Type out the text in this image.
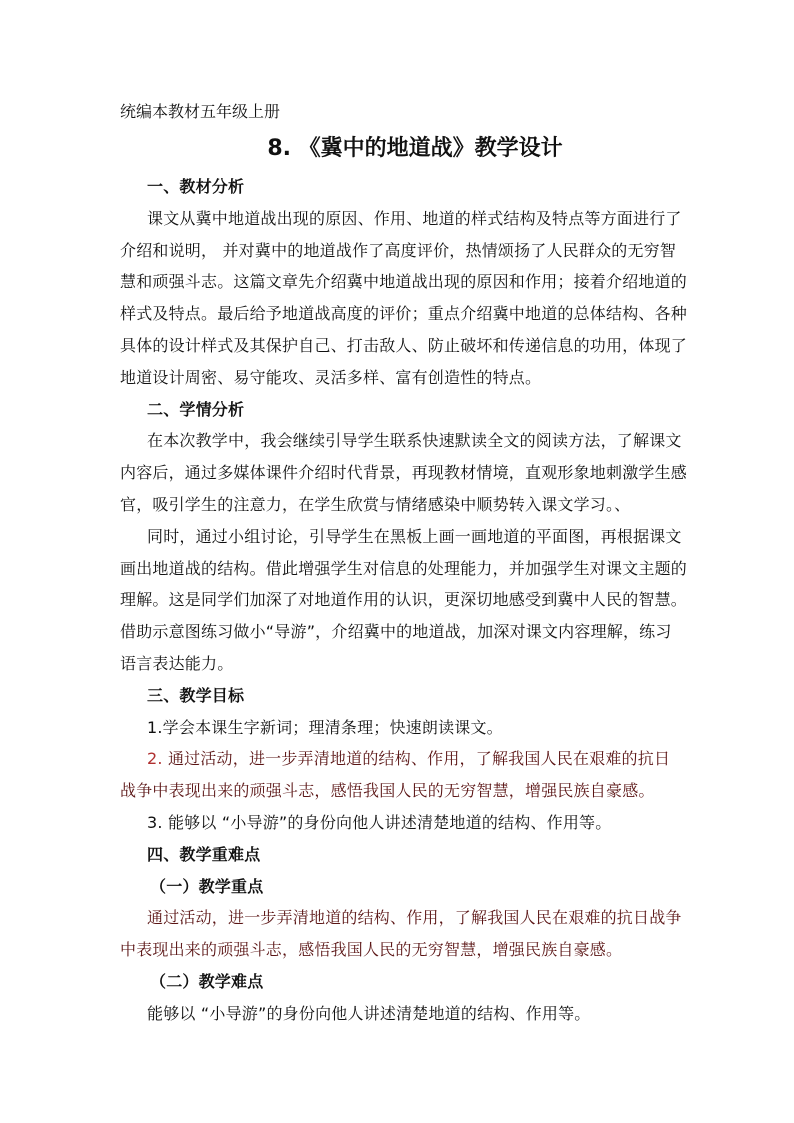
统编本教材五年级上册
8. 《冀中的地道战》教学设计
一、教材分析
课文从冀中地道战出现的原因、作用、地道的样式结构及特点等方面进行了
介绍和说明， 并对冀中的地道战作了高度评价，热情颂扬了人民群众的无穷智
慧和顽强斗志。这篇文章先介绍冀中地道战出现的原因和作用；接着介绍地道的
样式及特点。最后给予地道战高度的评价；重点介绍冀中地道的总体结构、各种
具体的设计样式及其保护自己、打击敌人、防止破坏和传递信息的功用，体现了
地道设计周密、易守能攻、灵活多样、富有创造性的特点。
二、学情分析
在本次教学中，我会继续引导学生联系快速默读全文的阅读方法，了解课文
内容后，通过多媒体课件介绍时代背景，再现教材情境，直观形象地刺激学生感
官，吸引学生的注意力，在学生欣赏与情绪感染中顺势转入课文学习。、
同时，通过小组讨论，引导学生在黑板上画一画地道的平面图，再根据课文
画出地道战的结构。借此增强学生对信息的处理能力，并加强学生对课文主题的
理解。这是同学们加深了对地道作用的认识，更深切地感受到冀中人民的智慧。
借助示意图练习做小“导游”，介绍冀中的地道战，加深对课文内容理解，练习
语言表达能力。
三、教学目标
1.学会本课生字新词；理清条理；快速朗读课文。
2. 通过活动，进一步弄清地道的结构、作用，了解我国人民在艰难的抗日
战争中表现出来的顽强斗志，感悟我国人民的无穷智慧，增强民族自豪感。
3. 能够以 “小导游”的身份向他人讲述清楚地道的结构、作用等。
四、教学重难点
（一）教学重点
通过活动，进一步弄清地道的结构、作用，了解我国人民在艰难的抗日战争
中表现出来的顽强斗志，感悟我国人民的无穷智慧，增强民族自豪感。
（二）教学难点
能够以 “小导游”的身份向他人讲述清楚地道的结构、作用等。
